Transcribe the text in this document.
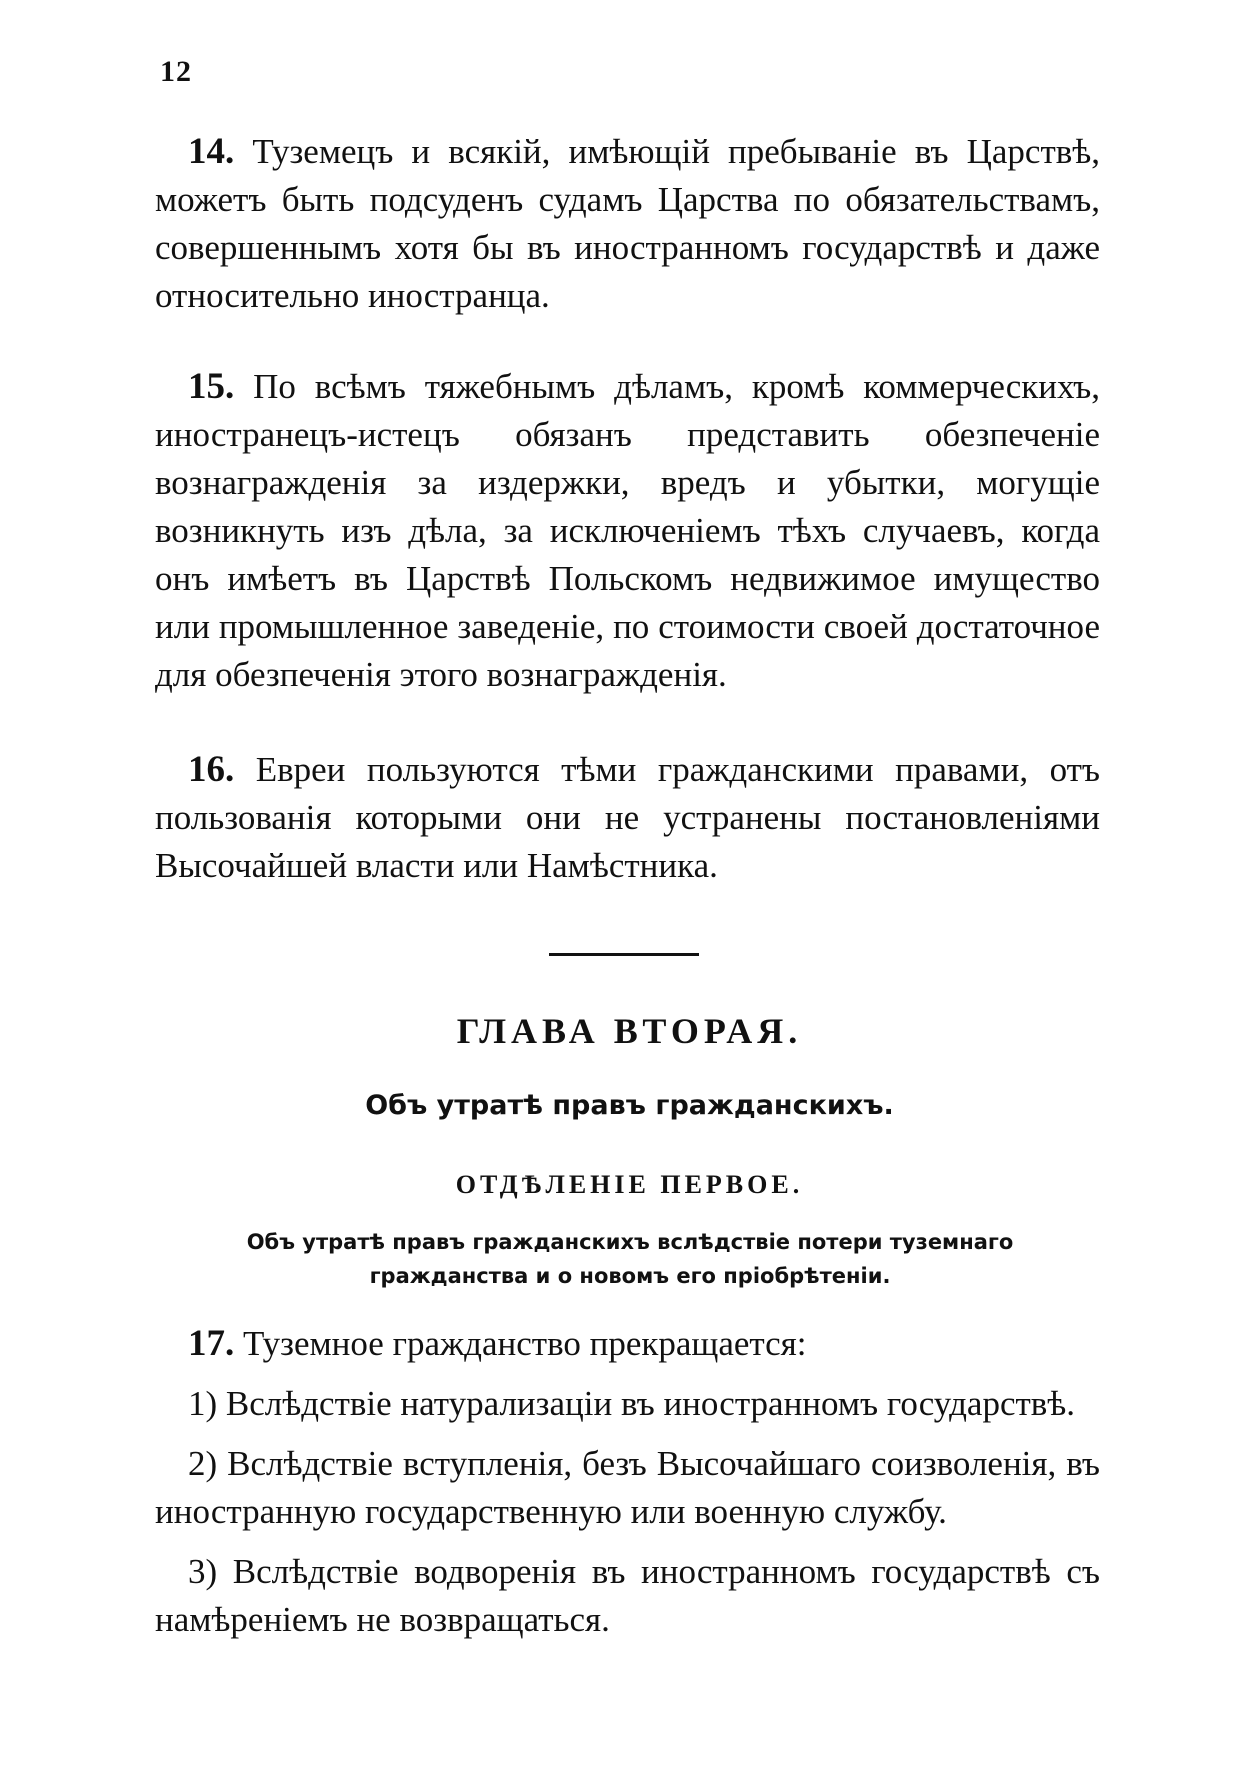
12

14. Туземецъ и всякій, имѣющій пребываніе въ Царствѣ, можетъ быть подсуденъ судамъ Царства по обязательствамъ, совершеннымъ хотя бы въ иностранномъ государствѣ и даже относительно иностранца.

15. По всѣмъ тяжебнымъ дѣламъ, кромѣ коммерческихъ, иностранецъ-истецъ обязанъ представить обезпеченіе вознагражденія за издержки, вредъ и убытки, могущіе возникнуть изъ дѣла, за исключеніемъ тѣхъ случаевъ, когда онъ имѣетъ въ Царствѣ Польскомъ недвижимое имущество или промышленное заведеніе, по стоимости своей достаточное для обезпеченія этого вознагражденія.

16. Евреи пользуются тѣми гражданскими правами, отъ пользованія которыми они не устранены постановленіями Высочайшей власти или Намѣстника.

ГЛАВА ВТОРАЯ.
Объ утратѣ правъ гражданскихъ.
ОТДѢЛЕНІЕ ПЕРВОЕ.
Объ утратѣ правъ гражданскихъ вслѣдствіе потери туземнаго
гражданства и о новомъ его пріобрѣтеніи.

17. Туземное гражданство прекращается:

1) Вслѣдствіе натурализаціи въ иностранномъ государствѣ.

2) Вслѣдствіе вступленія, безъ Высочайшаго соизволенія, въ иностранную государственную или военную службу.

3) Вслѣдствіе водворенія въ иностранномъ государствѣ съ намѣреніемъ не возвращаться.
